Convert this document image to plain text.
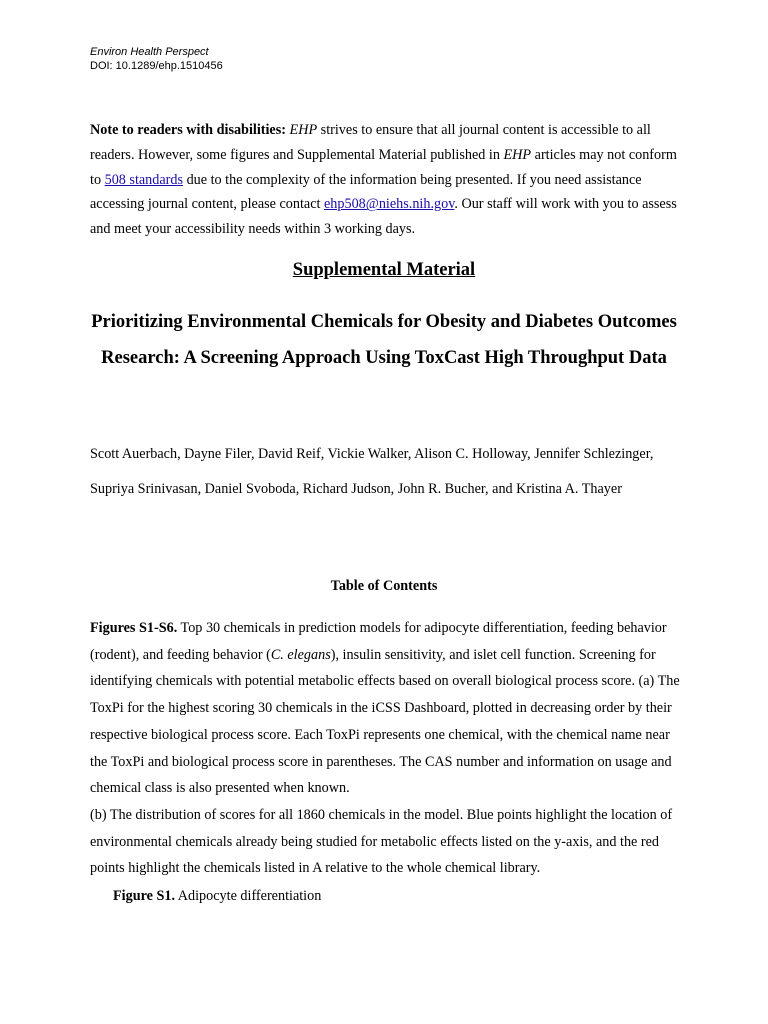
Environ Health Perspect
DOI: 10.1289/ehp.1510456
Note to readers with disabilities: EHP strives to ensure that all journal content is accessible to all readers. However, some figures and Supplemental Material published in EHP articles may not conform to 508 standards due to the complexity of the information being presented. If you need assistance accessing journal content, please contact ehp508@niehs.nih.gov. Our staff will work with you to assess and meet your accessibility needs within 3 working days.
Supplemental Material
Prioritizing Environmental Chemicals for Obesity and Diabetes Outcomes Research: A Screening Approach Using ToxCast High Throughput Data
Scott Auerbach, Dayne Filer, David Reif, Vickie Walker, Alison C. Holloway, Jennifer Schlezinger, Supriya Srinivasan, Daniel Svoboda, Richard Judson, John R. Bucher, and Kristina A. Thayer
Table of Contents
Figures S1-S6. Top 30 chemicals in prediction models for adipocyte differentiation, feeding behavior (rodent), and feeding behavior (C. elegans), insulin sensitivity, and islet cell function. Screening for identifying chemicals with potential metabolic effects based on overall biological process score. (a) The ToxPi for the highest scoring 30 chemicals in the iCSS Dashboard, plotted in decreasing order by their respective biological process score. Each ToxPi represents one chemical, with the chemical name near the ToxPi and biological process score in parentheses. The CAS number and information on usage and chemical class is also presented when known.
(b) The distribution of scores for all 1860 chemicals in the model. Blue points highlight the location of environmental chemicals already being studied for metabolic effects listed on the y-axis, and the red points highlight the chemicals listed in A relative to the whole chemical library.
Figure S1. Adipocyte differentiation
